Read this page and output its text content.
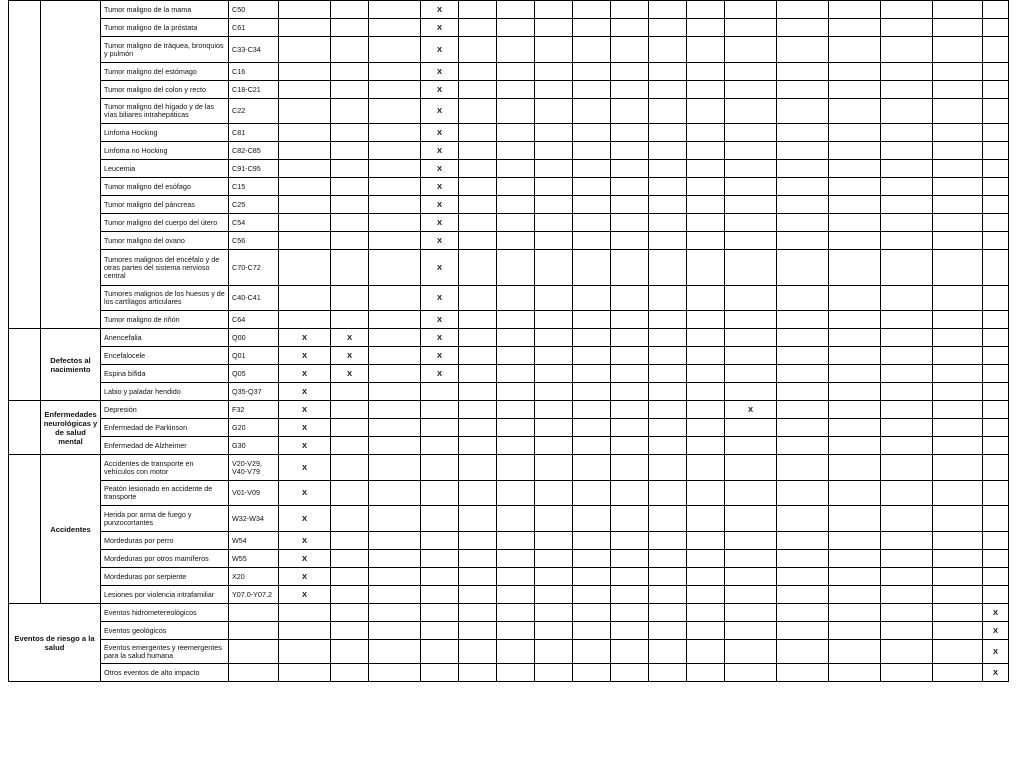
		Tumor maligno de la mama	C50				X													
		Tumor maligno de la próstata	C61				X													
		Tumor maligno de tráquea, bronquios y pulmón	C33-C34				X													
		Tumor maligno del estómago	C16				X													
		Tumor maligno del colon y recto	C18-C21				X													
		Tumor maligno del hígado y de las vías biliares intrahepáticas	C22				X													
		Linfoma Hocking	C81				X													
		Linfoma no Hocking	C82-C85				X													
		Leucemia	C91-C95				X													
		Tumor maligno del esófago	C15				X													
		Tumor maligno del páncreas	C25				X													
		Tumor maligno del cuerpo del útero	C54				X													
		Tumor maligno del ovario	C56				X													
		Tumores malignos del encéfalo y de otras partes del sistema nervioso central	C70-C72				X													
		Tumores malignos de los huesos y de los cartílagos articulares	C40-C41				X													
		Tumor maligno de riñón	C64				X													
	Defectos al nacimiento	Anencefalia	Q00	X	X		X													
		Encefalocele	Q01	X	X		X													
		Espina bífida	Q05	X	X		X													
		Labio y paladar hendido	Q35-Q37	X																
	Enfermedades neurológicas y de salud mental	Depresión	F32	X											X					
		Enfermedad de Parkinson	G20	X																
		Enfermedad de Alzheimer	G30	X																
	Accidentes	Accidentes de transporte en vehículos con motor	V20-V29, V40-V79	X																
		Peatón lesionado en accidente de transporte	V01-V09	X																
		Herida por arma de fuego y punzocortantes	W32-W34	X																
		Mordeduras por perro	W54	X																
		Mordeduras por otros mamíferos	W55	X																
		Mordeduras por serpiente	X20	X																
		Lesiones por violencia intrafamiliar	Y07.0-Y07.2	X																
Eventos de riesgo a la salud		Eventos hidrometereológicos																		X
		Eventos geológicos																		X
		Eventos emergentes y reemergentes para la salud humana																		X
		Otros eventos de alto impacto																		X
